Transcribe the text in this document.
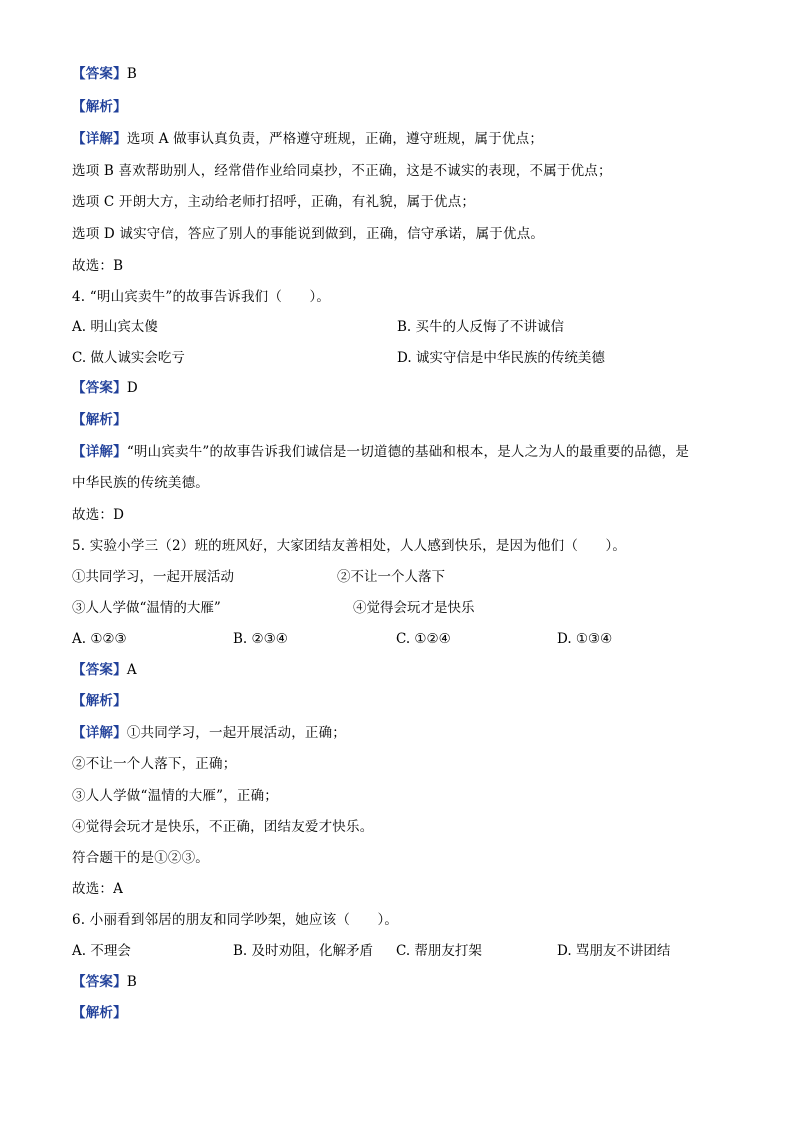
【答案】B
【解析】
【详解】选项 A 做事认真负责，严格遵守班规，正确，遵守班规，属于优点；
选项 B 喜欢帮助别人，经常借作业给同桌抄，不正确，这是不诚实的表现，不属于优点；
选项 C 开朗大方，主动给老师打招呼，正确，有礼貌，属于优点；
选项 D 诚实守信，答应了别人的事能说到做到，正确，信守承诺，属于优点。
故选：B
4. “明山宾卖牛”的故事告诉我们（　　）。
A. 明山宾太傻	B. 买牛的人反悔了不讲诚信
C. 做人诚实会吃亏	D. 诚实守信是中华民族的传统美德
【答案】D
【解析】
【详解】“明山宾卖牛”的故事告诉我们诚信是一切道德的基础和根本，是人之为人的最重要的品德，是
中华民族的传统美德。
故选：D
5. 实验小学三（2）班的班风好，大家团结友善相处，人人感到快乐，是因为他们（　　）。
①共同学习，一起开展活动	②不让一个人落下
③人人学做“温情的大雁”	④觉得会玩才是快乐
A. ①②③	B. ②③④	C. ①②④	D. ①③④
【答案】A
【解析】
【详解】①共同学习，一起开展活动，正确；
②不让一个人落下，正确；
③人人学做“温情的大雁”，正确；
④觉得会玩才是快乐，不正确，团结友爱才快乐。
符合题干的是①②③。
故选：A
6. 小丽看到邻居的朋友和同学吵架，她应该（　　）。
A. 不理会	B. 及时劝阻，化解矛盾 C. 帮朋友打架	D. 骂朋友不讲团结
【答案】B
【解析】
